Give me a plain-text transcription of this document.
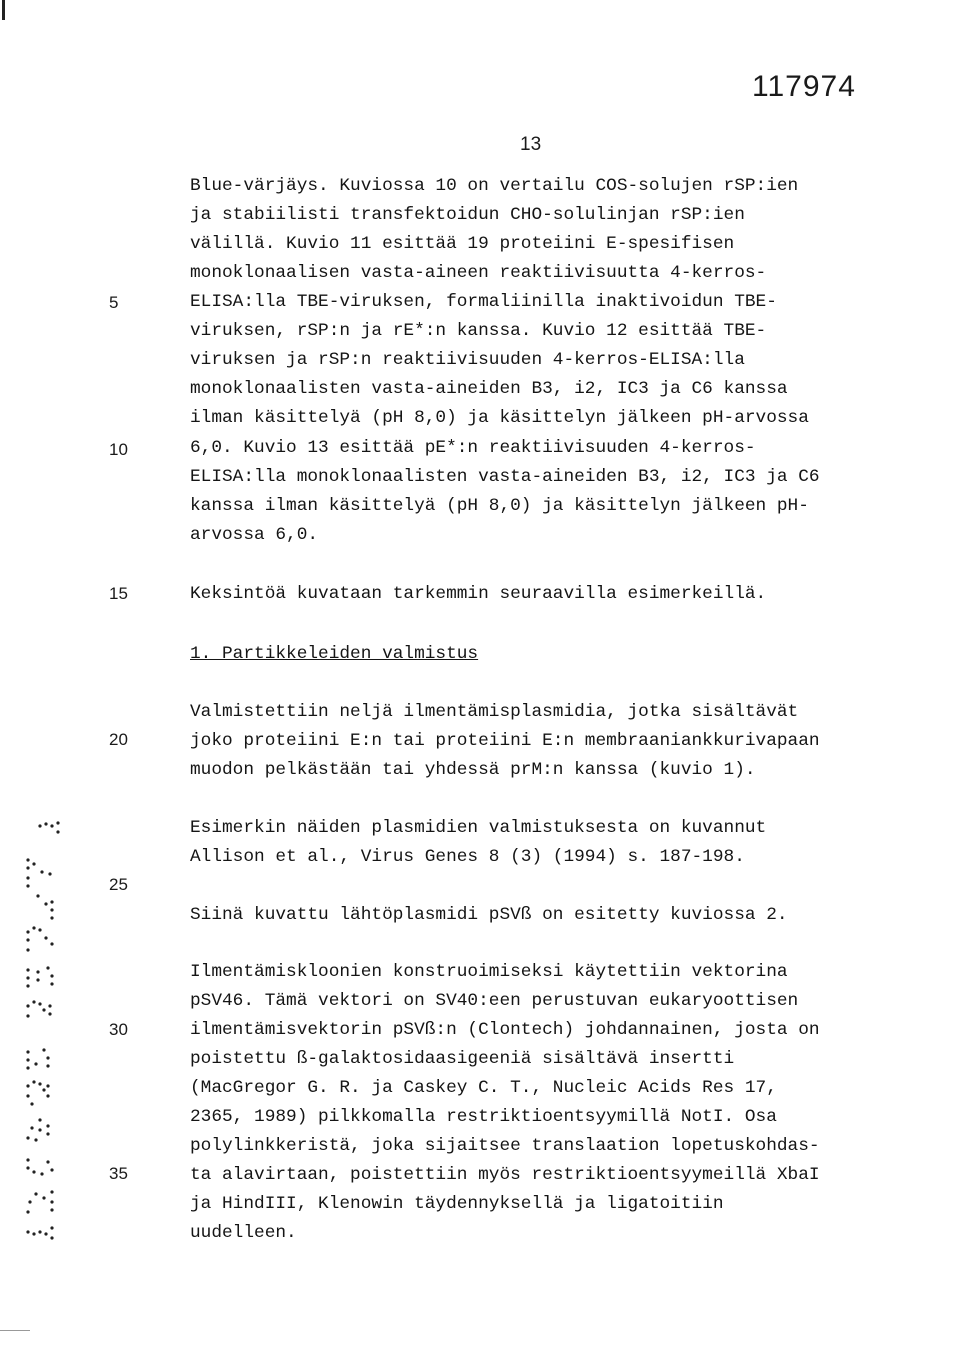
117974
13
5
10
15
20
25
30
35
Blue-värjäys. Kuviossa 10 on vertailu COS-solujen rSP:ien
ja stabiilisti transfektoidun CHO-solulinjan rSP:ien
välillä. Kuvio 11 esittää 19 proteiini E-spesifisen
monoklonaalisen vasta-aineen reaktiivisuutta 4-kerros-
ELISA:lla TBE-viruksen, formaliinilla inaktivoidun TBE-
viruksen, rSP:n ja rE*:n kanssa. Kuvio 12 esittää TBE-
viruksen ja rSP:n reaktiivisuuden 4-kerros-ELISA:lla
monoklonaalisten vasta-aineiden B3, i2, IC3 ja C6 kanssa
ilman käsittelyä (pH 8,0) ja käsittelyn jälkeen pH-arvossa
6,0. Kuvio 13 esittää pE*:n reaktiivisuuden 4-kerros-
ELISA:lla monoklonaalisten vasta-aineiden B3, i2, IC3 ja C6
kanssa ilman käsittelyä (pH 8,0) ja käsittelyn jälkeen pH-
arvossa 6,0.
Keksintöä kuvataan tarkemmin seuraavilla esimerkeillä.
1. Partikkeleiden valmistus
Valmistettiin neljä ilmentämisplasmidia, jotka sisältävät
joko proteiini E:n tai proteiini E:n membraaniankkurivapaan
muodon pelkästään tai yhdessä prM:n kanssa (kuvio 1).
Esimerkin näiden plasmidien valmistuksesta on kuvannut
Allison et al., Virus Genes 8 (3) (1994) s. 187-198.
Siinä kuvattu lähtöplasmidi pSVß on esitetty kuviossa 2.
Ilmentämiskloonien konstruoimiseksi käytettiin vektorina
pSV46. Tämä vektori on SV40:een perustuvan eukaryoottisen
ilmentämisvektorin pSVß:n (Clontech) johdannainen, josta on
poistettu ß-galaktosidaasigeeniä sisältävä insertti
(MacGregor G. R. ja Caskey C. T., Nucleic Acids Res 17,
2365, 1989) pilkkomalla restriktioentsyymillä NotI. Osa
polylinkkeristä, joka sijaitsee translaation lopetuskohdas-
ta alavirtaan, poistettiin myös restriktioentsyymeillä XbaI
ja HindIII, Klenowin täydennyksellä ja ligatoitiin
uudelleen.
